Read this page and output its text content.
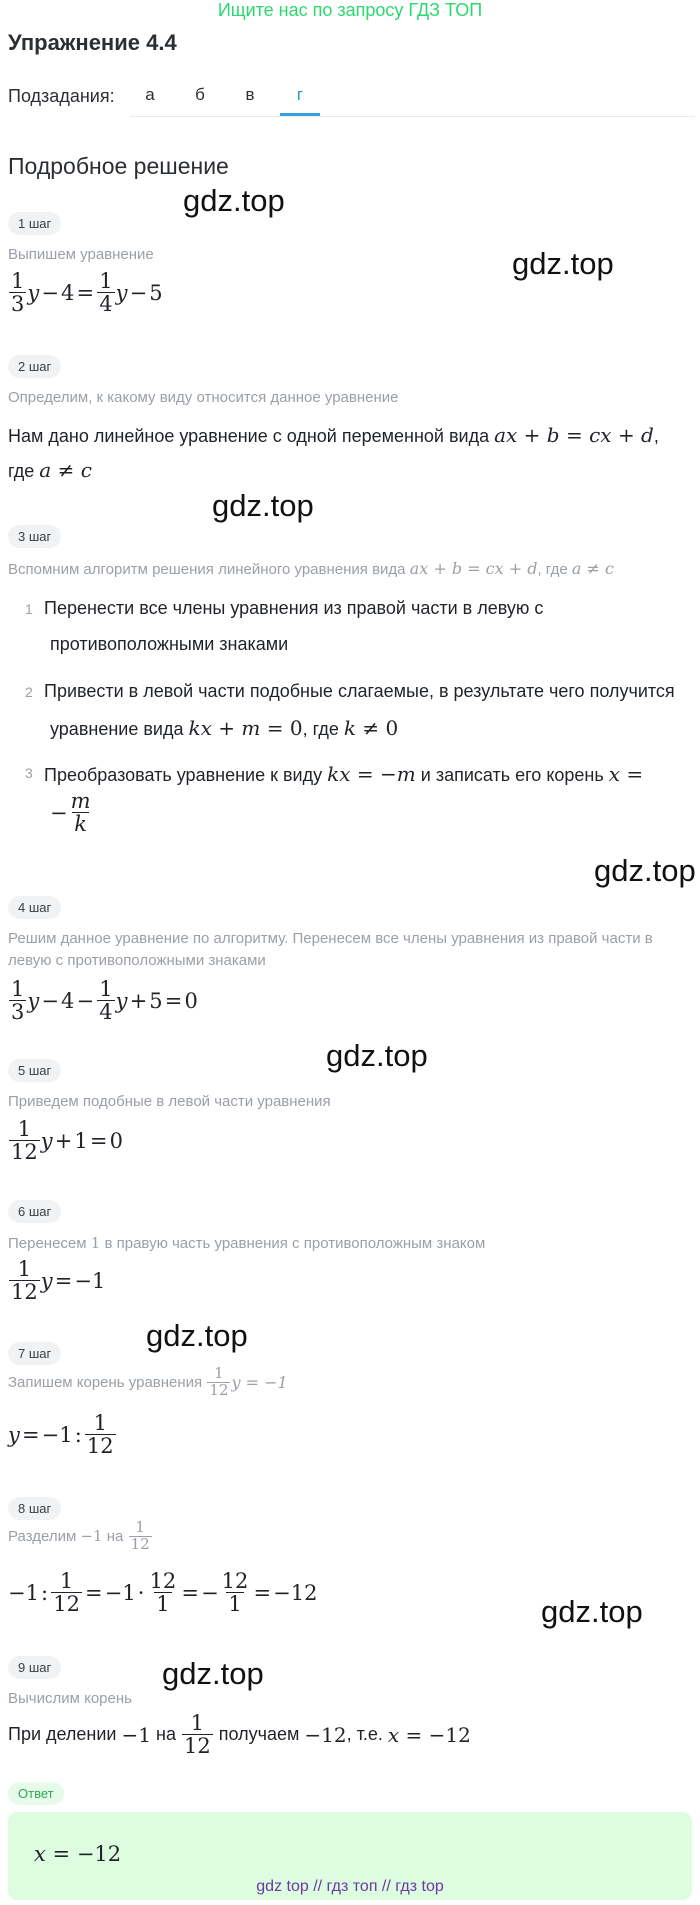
Ищите нас по запросу ГДЗ ТОП
Упражнение 4.4
Подзадания:	а	б	в	г
Подробное решение
gdz.top
gdz.top
gdz.top
gdz.top
gdz.top
gdz.top
gdz.top
gdz.top
1 шаг
Выпишем уравнение
$\frac{1}{3}$ y − 4 =  $\frac{1}{4}$ y − 5
2 шаг
Определим, к какому виду относится данное уравнение
Нам дано линейное уравнение с одной переменной вида ax + b = cx + d,
где a ≠ c
3 шаг
Вспомним алгоритм решения линейного уравнения вида ax + b = cx + d, где a ≠ c
1 Перенести все члены уравнения из правой части в левую с
противоположными знаками
2 Привести в левой части подобные слагаемые, в результате чего получится
уравнение вида kx + m = 0, где k ≠ 0
3 Преобразовать уравнение к виду kx = −m и записать его корень x =
− $\frac{m}{k}$
4 шаг
Решим данное уравнение по алгоритму. Перенесем все члены уравнения из правой части в левую с противоположными знаками
$\frac{1}{3}$ y − 4 −  $\frac{1}{4}$ y + 5 = 0
5 шаг
Приведем подобные в левой части уравнения
$\frac{1}{12}$ y + 1 = 0
6 шаг
Перенесем 1 в правую часть уравнения с противоположным знаком
$\frac{1}{12}$ y = −1
7 шаг
Запишем корень уравнения
$\frac{1}{12}$ y = −1
y = −1 :  $\frac{1}{12}$
8 шаг
Разделим
−1
на
$\frac{1}{12}$
−1 :  $\frac{1}{12}$  = −1 ·  $\frac{12}{1}$  = − $\frac{12}{1}$  = −12
9 шаг
Вычислим корень
При делении
−1
на
$\frac{1}{12}$
получаем
−12 , т.е.
x = −12
Ответ
x = −12
gdz top // гдз топ // гдз top
